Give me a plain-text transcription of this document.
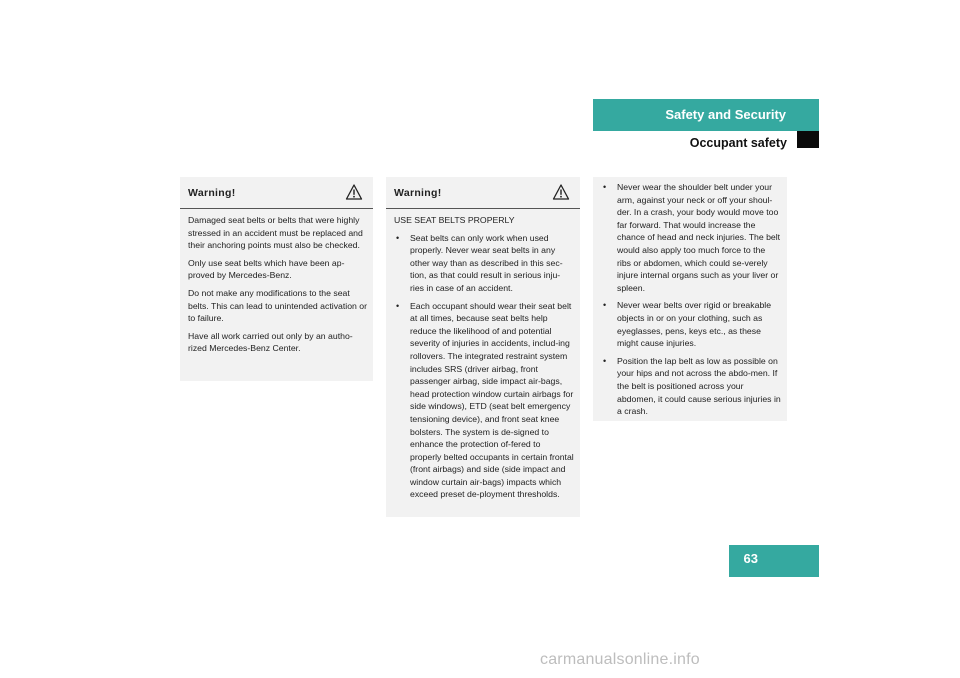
Safety and Security
Occupant safety
Warning!

Damaged seat belts or belts that were highly stressed in an accident must be replaced and their anchoring points must also be checked.

Only use seat belts which have been ap-proved by Mercedes-Benz.

Do not make any modifications to the seat belts. This can lead to unintended activation or to failure.

Have all work carried out only by an autho-rized Mercedes-Benz Center.

Warning!

USE SEAT BELTS PROPERLY

• Seat belts can only work when used properly. Never wear seat belts in any other way than as described in this sec-tion, as that could result in serious inju-ries in case of an accident.
• Each occupant should wear their seat belt at all times, because seat belts help reduce the likelihood of and potential severity of injuries in accidents, includ-ing rollovers. The integrated restraint system includes SRS (driver airbag, front passenger airbag, side impact air-bags, head protection window curtain airbags for side windows), ETD (seat belt emergency tensioning device), and front seat knee bolsters. The system is de-signed to enhance the protection of-fered to properly belted occupants in certain frontal (front airbags) and side (side impact and window curtain air-bags) impacts which exceed preset de-ployment thresholds.
• Never wear the shoulder belt under your arm, against your neck or off your shoul-der. In a crash, your body would move too far forward. That would increase the chance of head and neck injuries. The belt would also apply too much force to the ribs or abdomen, which could se-verely injure internal organs such as your liver or spleen.
• Never wear belts over rigid or breakable objects in or on your clothing, such as eyeglasses, pens, keys etc., as these might cause injuries.
• Position the lap belt as low as possible on your hips and not across the abdo-men. If the belt is positioned across your abdomen, it could cause serious injuries in a crash.
63
carmanualsonline.info
